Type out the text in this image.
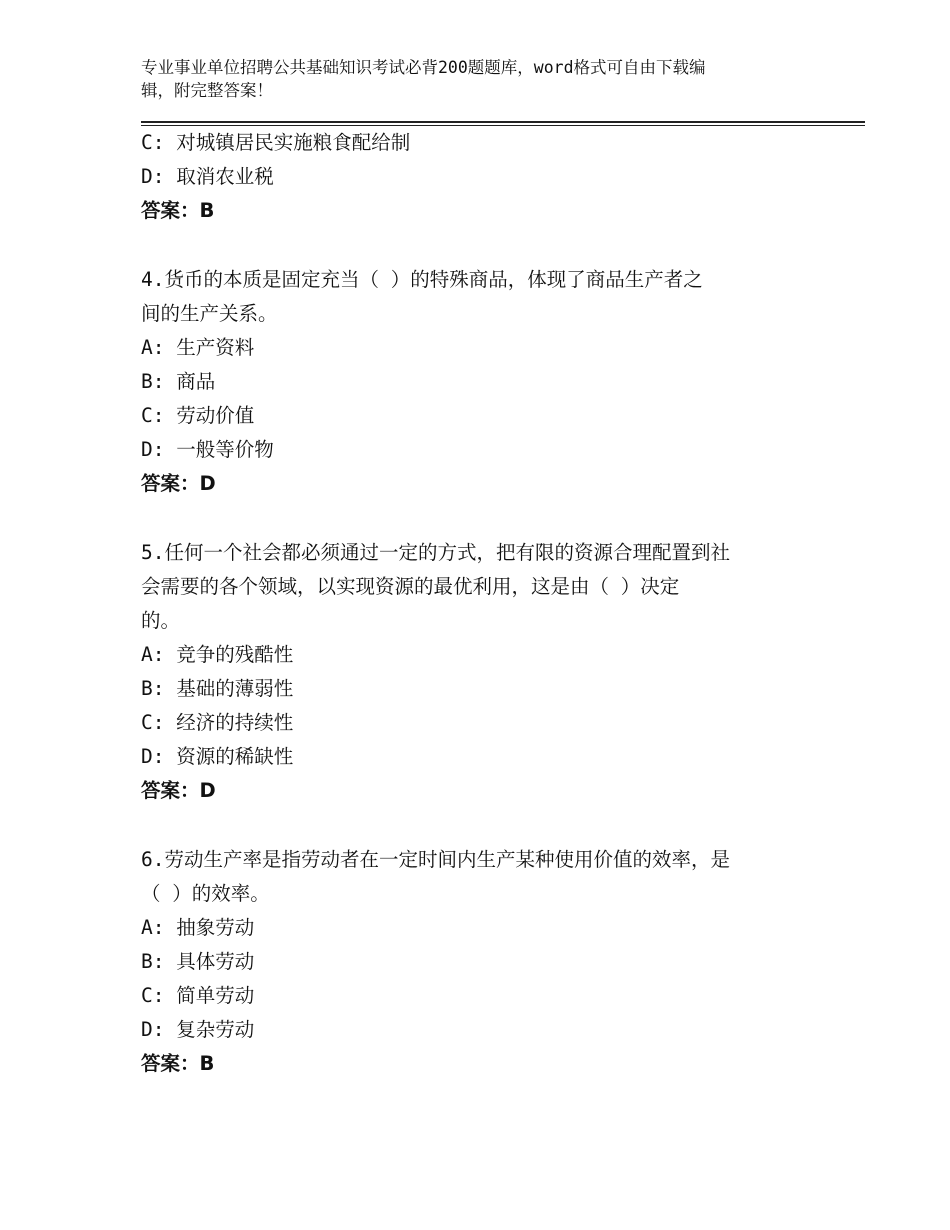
专业事业单位招聘公共基础知识考试必背200题题库，word格式可自由下载编
辑，附完整答案！
C: 对城镇居民实施粮食配给制
D: 取消农业税
答案：B
4.货币的本质是固定充当（ ）的特殊商品，体现了商品生产者之
间的生产关系。
A: 生产资料
B: 商品
C: 劳动价值
D: 一般等价物
答案：D
5.任何一个社会都必须通过一定的方式，把有限的资源合理配置到社
会需要的各个领域，以实现资源的最优利用，这是由（ ）决定
的。
A: 竞争的残酷性
B: 基础的薄弱性
C: 经济的持续性
D: 资源的稀缺性
答案：D
6.劳动生产率是指劳动者在一定时间内生产某种使用价值的效率，是
（ ）的效率。
A: 抽象劳动
B: 具体劳动
C: 简单劳动
D: 复杂劳动
答案：B
